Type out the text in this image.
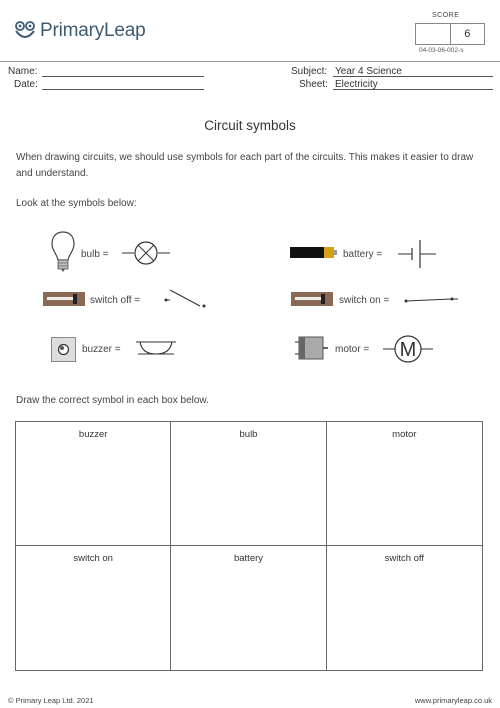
PrimaryLeap
SCORE
6
04-03-06-002-s
Name:
Date:
Subject: Year 4 Science
Sheet: Electricity
Circuit symbols
When drawing circuits, we should use symbols for each part of the circuits. This makes it easier to draw and understand.
Look at the symbols below:
bulb =	battery =
switch off =	switch on =
buzzer =	motor = M
Draw the correct symbol in each box below.
buzzer	bulb	motor
switch on	battery	switch off
© Primary Leap Ltd. 2021	www.primaryleap.co.uk
